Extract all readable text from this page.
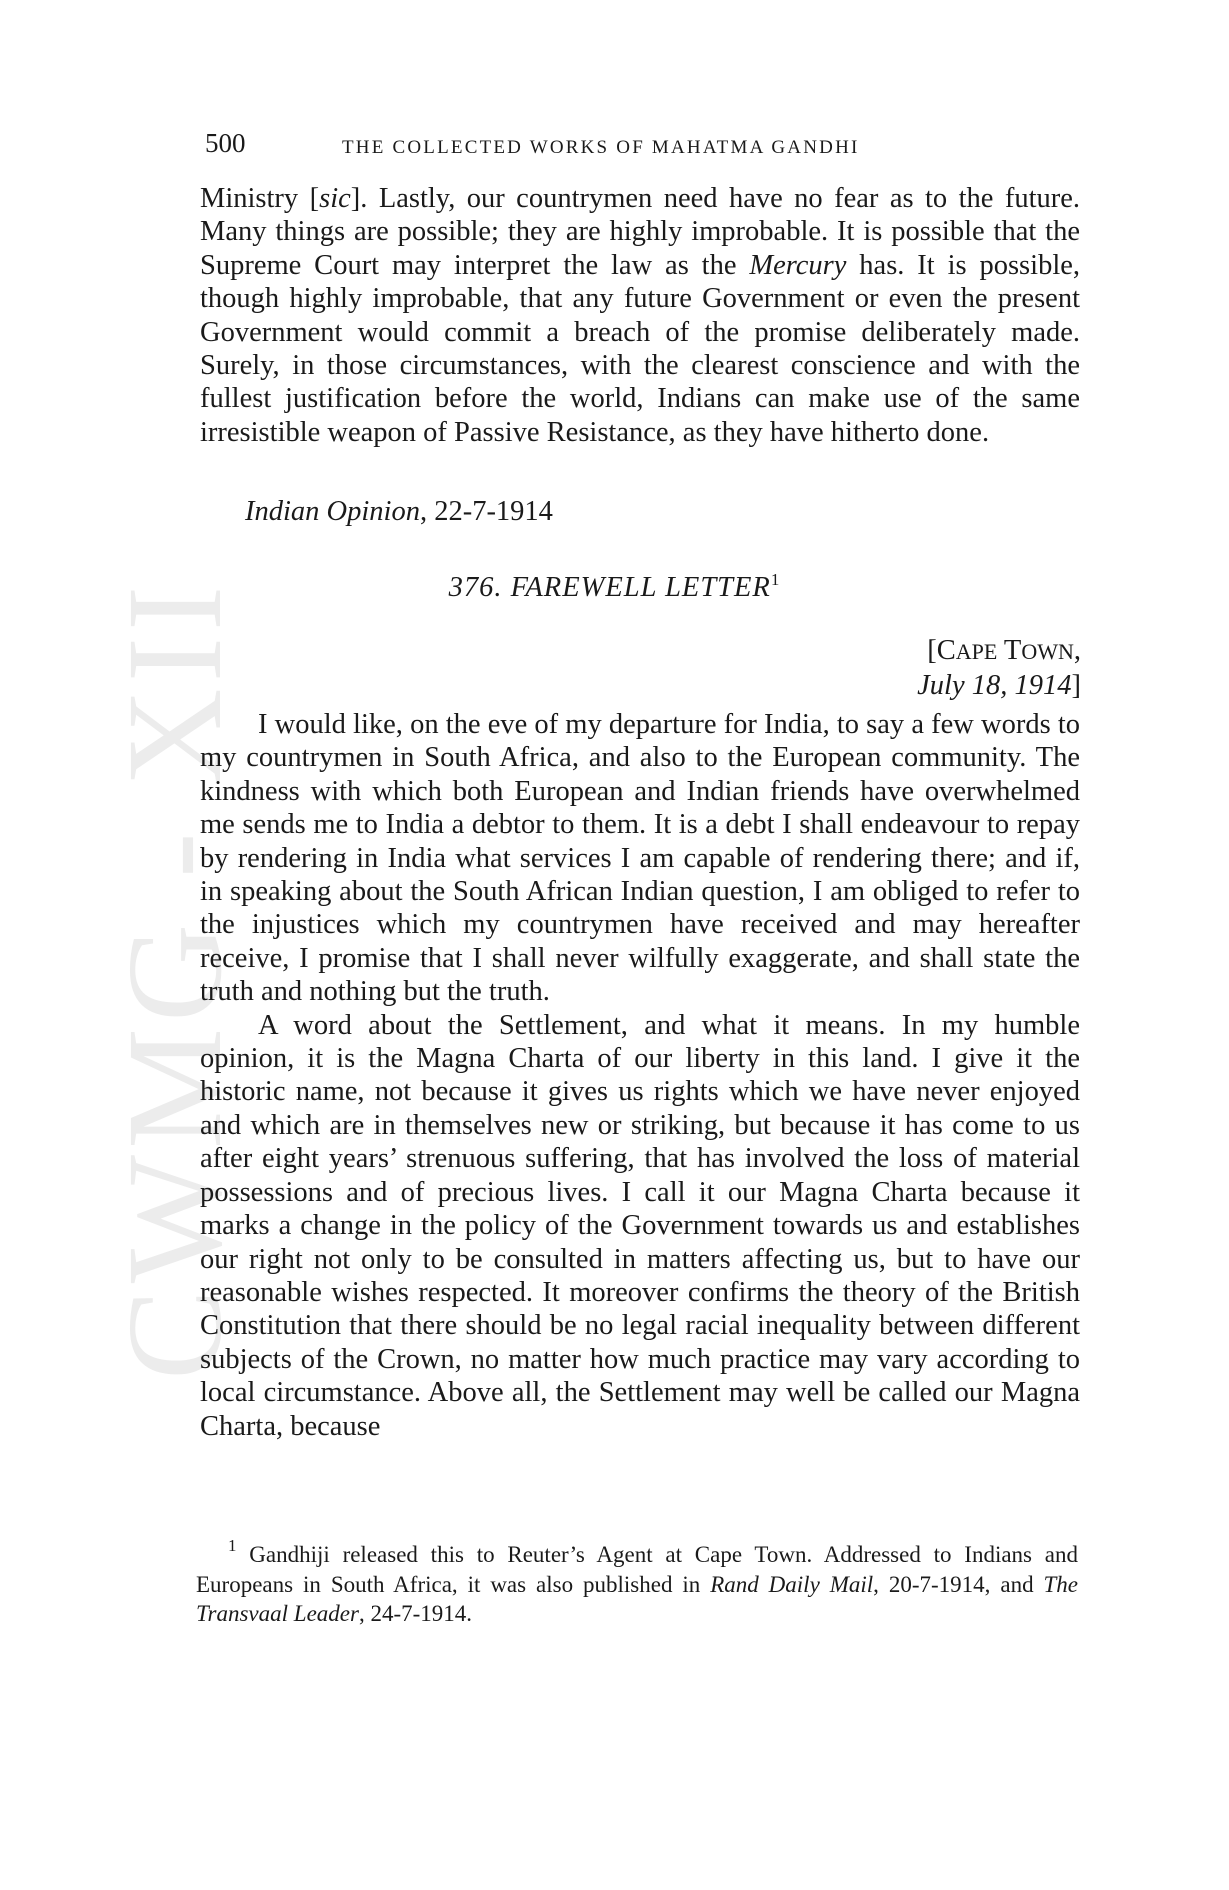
CWMG - XII
500	THE COLLECTED WORKS OF MAHATMA GANDHI

Ministry [sic]. Lastly, our countrymen need have no fear as to the future. Many things are possible; they are highly improbable. It is possible that the Supreme Court may interpret the law as the Mercury has. It is possible, though highly improbable, that any future Government or even the present Government would commit a breach of the promise deliberately made. Surely, in those circumstances, with the clearest conscience and with the fullest justification before the world, Indians can make use of the same irresistible weapon of Passive Resistance, as they have hitherto done.

Indian Opinion, 22-7-1914
376. FAREWELL LETTER$^1$
[CAPE TOWN,
July 18, 1914]

I would like, on the eve of my departure for India, to say a few words to my countrymen in South Africa, and also to the European community. The kindness with which both European and Indian friends have overwhelmed me sends me to India a debtor to them. It is a debt I shall endeavour to repay by rendering in India what services I am capable of rendering there; and if, in speaking about the South African Indian question, I am obliged to refer to the injustices which my countrymen have received and may hereafter receive, I promise that I shall never wilfully exaggerate, and shall state the truth and nothing but the truth.

A word about the Settlement, and what it means. In my humble opinion, it is the Magna Charta of our liberty in this land. I give it the historic name, not because it gives us rights which we have never enjoyed and which are in themselves new or striking, but because it has come to us after eight years’ strenuous suffering, that has involved the loss of material possessions and of precious lives. I call it our Magna Charta because it marks a change in the policy of the Government towards us and establishes our right not only to be consulted in matters affecting us, but to have our reasonable wishes respected. It moreover confirms the theory of the British Constitution that there should be no legal racial inequality between different subjects of the Crown, no matter how much practice may vary according to local circumstance. Above all, the Settlement may well be called our Magna Charta, because

$^1$ Gandhiji released this to Reuter’s Agent at Cape Town. Addressed to Indians and Europeans in South Africa, it was also published in Rand Daily Mail, 20-7-1914, and The Transvaal Leader, 24-7-1914.
